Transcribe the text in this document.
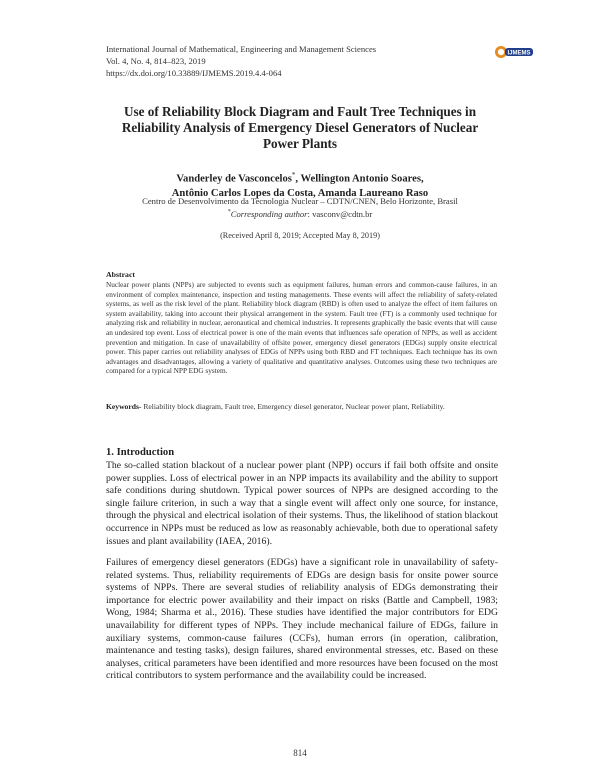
International Journal of Mathematical, Engineering and Management Sciences
Vol. 4, No. 4, 814–823, 2019
https://dx.doi.org/10.33889/IJMEMS.2019.4.4-064
IJMEMS
Use of Reliability Block Diagram and Fault Tree Techniques in Reliability Analysis of Emergency Diesel Generators of Nuclear Power Plants
Vanderley de Vasconcelos*, Wellington Antonio Soares,
Antônio Carlos Lopes da Costa, Amanda Laureano Raso
Centro de Desenvolvimento da Tecnologia Nuclear – CDTN/CNEN, Belo Horizonte, Brasil
*Corresponding author: vasconv@cdtn.br
(Received April 8, 2019; Accepted May 8, 2019)
Abstract
Nuclear power plants (NPPs) are subjected to events such as equipment failures, human errors and common-cause failures, in an environment of complex maintenance, inspection and testing managements. These events will affect the reliability of safety-related systems, as well as the risk level of the plant. Reliability block diagram (RBD) is often used to analyze the effect of item failures on system availability, taking into account their physical arrangement in the system. Fault tree (FT) is a commonly used technique for analyzing risk and reliability in nuclear, aeronautical and chemical industries. It represents graphically the basic events that will cause an undesired top event. Loss of electrical power is one of the main events that influences safe operation of NPPs, as well as accident prevention and mitigation. In case of unavailability of offsite power, emergency diesel generators (EDGs) supply onsite electrical power. This paper carries out reliability analyses of EDGs of NPPs using both RBD and FT techniques. Each technique has its own advantages and disadvantages, allowing a variety of qualitative and quantitative analyses. Outcomes using these two techniques are compared for a typical NPP EDG system.
Keywords- Reliability block diagram, Fault tree, Emergency diesel generator, Nuclear power plant, Reliability.
1. Introduction
The so-called station blackout of a nuclear power plant (NPP) occurs if fail both offsite and onsite power supplies. Loss of electrical power in an NPP impacts its availability and the ability to support safe conditions during shutdown. Typical power sources of NPPs are designed according to the single failure criterion, in such a way that a single event will affect only one source, for instance, through the physical and electrical isolation of their systems. Thus, the likelihood of station blackout occurrence in NPPs must be reduced as low as reasonably achievable, both due to operational safety issues and plant availability (IAEA, 2016).
Failures of emergency diesel generators (EDGs) have a significant role in unavailability of safety-related systems. Thus, reliability requirements of EDGs are design basis for onsite power source systems of NPPs. There are several studies of reliability analysis of EDGs demonstrating their importance for electric power availability and their impact on risks (Battle and Campbell, 1983; Wong, 1984; Sharma et al., 2016). These studies have identified the major contributors for EDG unavailability for different types of NPPs. They include mechanical failure of EDGs, failure in auxiliary systems, common-cause failures (CCFs), human errors (in operation, calibration, maintenance and testing tasks), design failures, shared environmental stresses, etc. Based on these analyses, critical parameters have been identified and more resources have been focused on the most critical contributors to system performance and the availability could be increased.
814
